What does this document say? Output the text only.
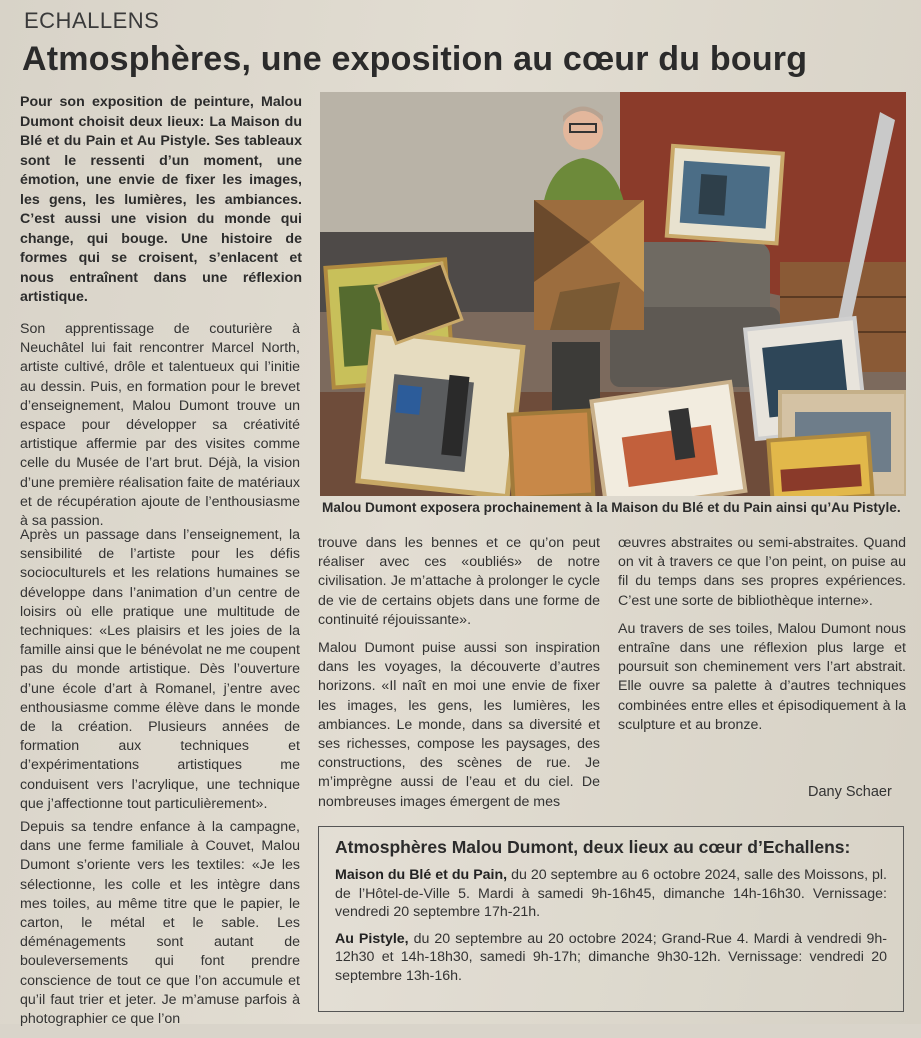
ECHALLENS
Atmosphères, une exposition au cœur du bourg
Pour son exposition de peinture, Malou Dumont choisit deux lieux: La Maison du Blé et du Pain et Au Pistyle. Ses tableaux sont le ressenti d’un moment, une émotion, une envie de fixer les images, les gens, les lumières, les ambiances. C’est aussi une vision du monde qui change, qui bouge. Une histoire de formes qui se croisent, s’enlacent et nous entraînent dans une réflexion artistique.

Son apprentissage de couturière à Neuchâtel lui fait rencontrer Marcel North, artiste cultivé, drôle et talentueux qui l’initie au dessin. Puis, en formation pour le brevet d’enseignement, Malou Dumont trouve un espace pour développer sa créativité artistique affermie par des visites comme celle du Musée de l’art brut. Déjà, la vision d’une première réalisation faite de matériaux et de récupération ajoute de l’enthousiasme à sa passion.

Après un passage dans l’enseignement, la sensibilité de l’artiste pour les défis socioculturels et les relations humaines se développe dans l’animation d’un centre de loisirs où elle pratique une multitude de techniques: «Les plaisirs et les joies de la famille ainsi que le bénévolat ne me coupent pas du monde artistique. Dès l’ouverture d’une école d’art à Romanel, j’entre avec enthousiasme comme élève dans le monde de la création. Plusieurs années de formation aux techniques et d’expérimentations artistiques me conduisent vers l’acrylique, une technique que j’affectionne tout particulièrement».

Depuis sa tendre enfance à la campagne, dans une ferme familiale à Couvet, Malou Dumont s’oriente vers les textiles: «Je les sélectionne, les colle et les intègre dans mes toiles, au même titre que le papier, le carton, le métal et le sable. Les déménagements sont autant de bouleversements qui font prendre conscience de tout ce que l’on accumule et qu’il faut trier et jeter. Je m’amuse parfois à photographier ce que l’on

Malou Dumont exposera prochainement à la Maison du Blé et du Pain ainsi qu’Au Pistyle.

trouve dans les bennes et ce qu’on peut réaliser avec ces «oubliés» de notre civilisation. Je m’attache à prolonger le cycle de vie de certains objets dans une forme de continuité réjouissante».

Malou Dumont puise aussi son inspiration dans les voyages, la découverte d’autres horizons. «Il naît en moi une envie de fixer les images, les gens, les lumières, les ambiances. Le monde, dans sa diversité et ses richesses, compose les paysages, des constructions, des scènes de rue. Je m’imprègne aussi de l’eau et du ciel. De nombreuses images émergent de mes

œuvres abstraites ou semi-abstraites. Quand on vit à travers ce que l’on peint, on puise au fil du temps dans ses propres expériences. C’est une sorte de bibliothèque interne».

Au travers de ses toiles, Malou Dumont nous entraîne dans une réflexion plus large et poursuit son cheminement vers l’art abstrait. Elle ouvre sa palette à d’autres techniques combinées entre elles et épisodiquement à la sculpture et au bronze.

Dany Schaer
Atmosphères Malou Dumont, deux lieux au cœur d’Echallens:
Maison du Blé et du Pain, du 20 septembre au 6 octobre 2024, salle des Moissons, pl. de l’Hôtel-de-Ville 5. Mardi à samedi 9h-16h45, dimanche 14h-16h30. Vernissage: vendredi 20 septembre 17h-21h.
Au Pistyle, du 20 septembre au 20 octobre 2024; Grand-Rue 4. Mardi à vendredi 9h-12h30 et 14h-18h30, samedi 9h-17h; dimanche 9h30-12h. Vernissage: vendredi 20 septembre 13h-16h.
